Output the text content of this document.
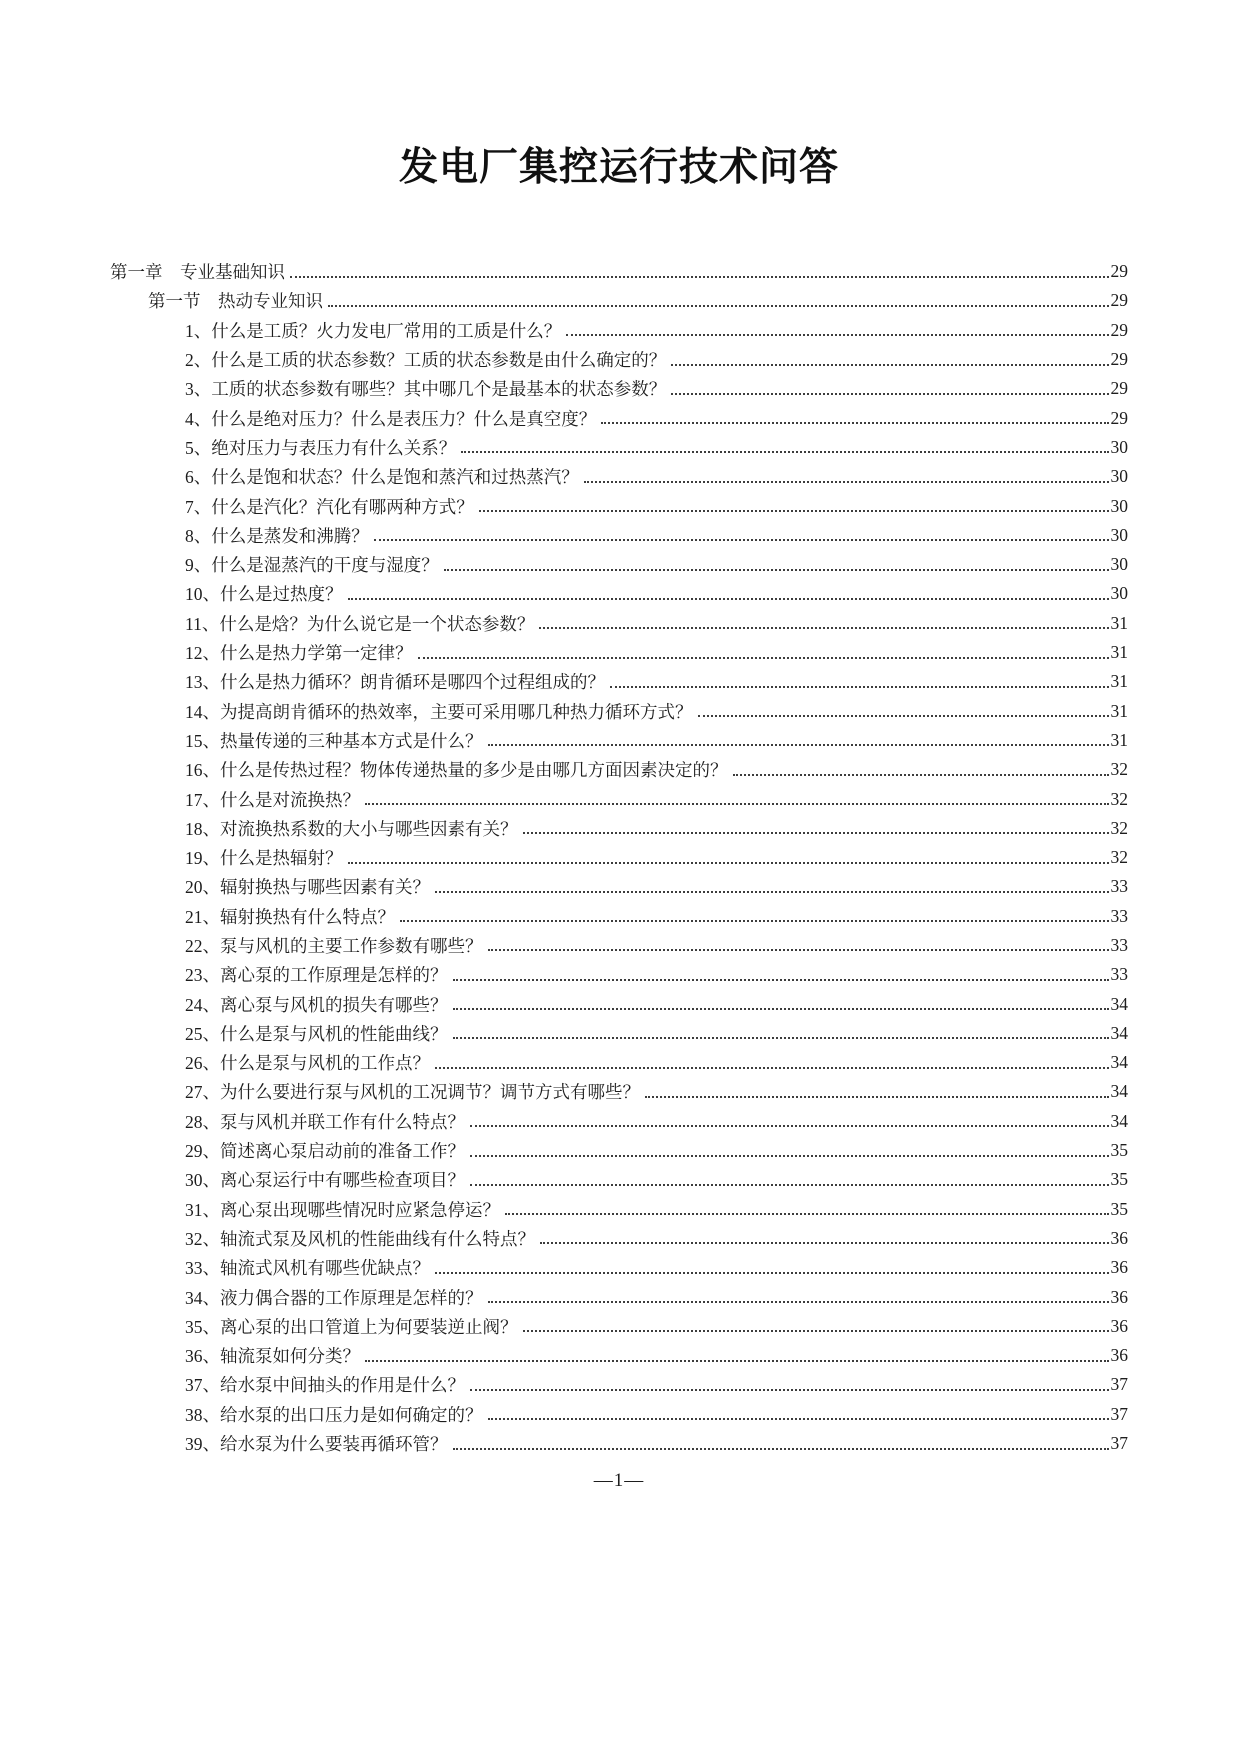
发电厂集控运行技术问答
第一章　专业基础知识	29
第一节　热动专业知识	29
1、什么是工质？火力发电厂常用的工质是什么？	29
2、什么是工质的状态参数？工质的状态参数是由什么确定的？	29
3、工质的状态参数有哪些？其中哪几个是最基本的状态参数？	29
4、什么是绝对压力？什么是表压力？什么是真空度？	29
5、绝对压力与表压力有什么关系？	30
6、什么是饱和状态？什么是饱和蒸汽和过热蒸汽？	30
7、什么是汽化？汽化有哪两种方式？	30
8、什么是蒸发和沸腾？	30
9、什么是湿蒸汽的干度与湿度？	30
10、什么是过热度？	30
11、什么是焓？为什么说它是一个状态参数？	31
12、什么是热力学第一定律？	31
13、什么是热力循环？朗肯循环是哪四个过程组成的？	31
14、为提高朗肯循环的热效率，主要可采用哪几种热力循环方式？	31
15、热量传递的三种基本方式是什么？	31
16、什么是传热过程？物体传递热量的多少是由哪几方面因素决定的？	32
17、什么是对流换热？	32
18、对流换热系数的大小与哪些因素有关？	32
19、什么是热辐射？	32
20、辐射换热与哪些因素有关？	33
21、辐射换热有什么特点？	33
22、泵与风机的主要工作参数有哪些？	33
23、离心泵的工作原理是怎样的？	33
24、离心泵与风机的损失有哪些？	34
25、什么是泵与风机的性能曲线？	34
26、什么是泵与风机的工作点？	34
27、为什么要进行泵与风机的工况调节？调节方式有哪些？	34
28、泵与风机并联工作有什么特点？	34
29、简述离心泵启动前的准备工作？	35
30、离心泵运行中有哪些检查项目？	35
31、离心泵出现哪些情况时应紧急停运？	35
32、轴流式泵及风机的性能曲线有什么特点？	36
33、轴流式风机有哪些优缺点？	36
34、液力偶合器的工作原理是怎样的？	36
35、离心泵的出口管道上为何要装逆止阀？	36
36、轴流泵如何分类？	36
37、给水泵中间抽头的作用是什么？	37
38、给水泵的出口压力是如何确定的？	37
39、给水泵为什么要装再循环管？	37
—1—
